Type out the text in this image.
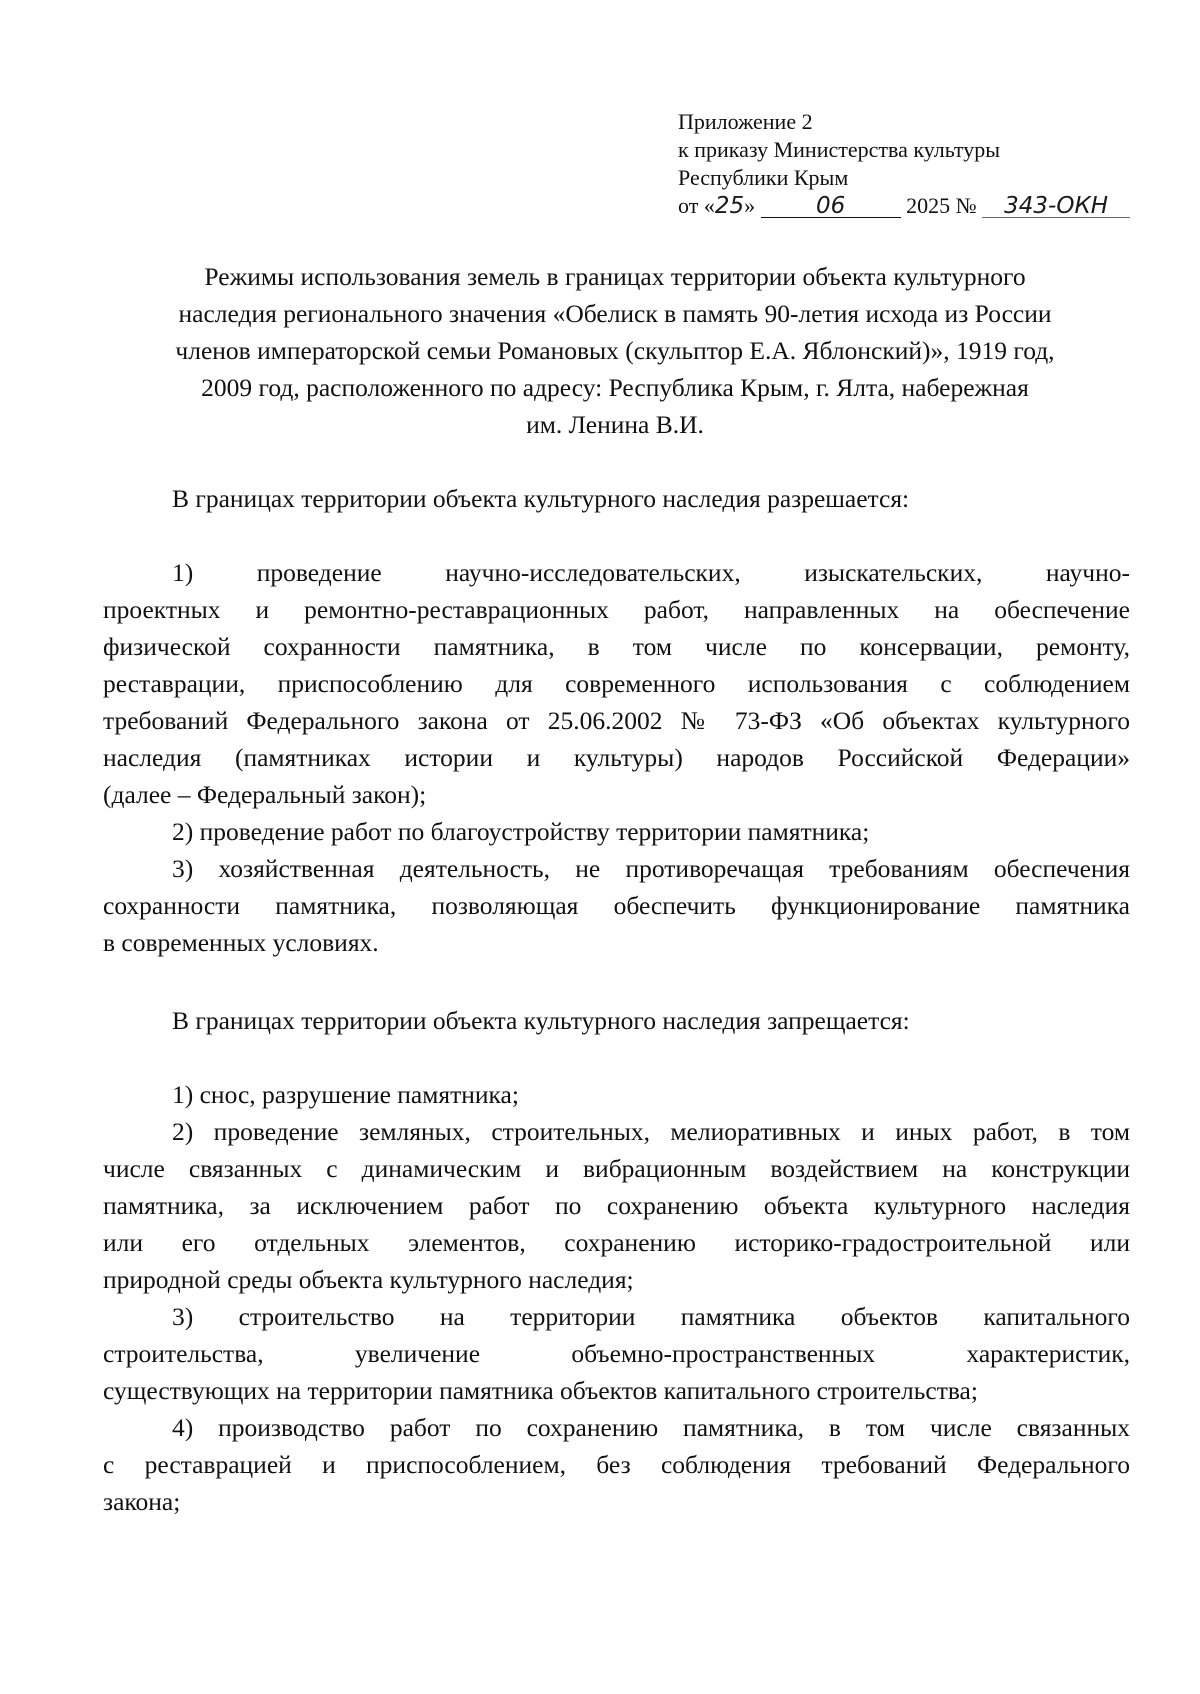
Приложение 2
к приказу Министерства культуры
Республики Крым
от «25»	06	2025 № 343-ОКН
Режимы использования земель в границах территории объекта культурного
наследия регионального значения «Обелиск в память 90-летия исхода из России
членов императорской семьи Романовых (скульптор Е.А. Яблонский)», 1919 год,
2009 год, расположенного по адресу: Республика Крым, г. Ялта, набережная
им. Ленина В.И.
В границах территории объекта культурного наследия разрешается:
1) проведение научно-исследовательских, изыскательских, научно-
проектных и ремонтно-реставрационных работ, направленных на обеспечение
физической сохранности памятника, в том числе по консервации, ремонту,
реставрации, приспособлению для современного использования с соблюдением
требований Федерального закона от 25.06.2002 № 73-ФЗ «Об объектах культурного
наследия (памятниках истории и культуры) народов Российской Федерации»
(далее – Федеральный закон);
2) проведение работ по благоустройству территории памятника;
3) хозяйственная деятельность, не противоречащая требованиям обеспечения
сохранности памятника, позволяющая обеспечить функционирование памятника
в современных условиях.
В границах территории объекта культурного наследия запрещается:
1) снос, разрушение памятника;
2) проведение земляных, строительных, мелиоративных и иных работ, в том
числе связанных с динамическим и вибрационным воздействием на конструкции
памятника, за исключением работ по сохранению объекта культурного наследия
или его отдельных элементов, сохранению историко-градостроительной или
природной среды объекта культурного наследия;
3) строительство на территории памятника объектов капитального
строительства, увеличение объемно-пространственных характеристик,
существующих на территории памятника объектов капитального строительства;
4) производство работ по сохранению памятника, в том числе связанных
с реставрацией и приспособлением, без соблюдения требований Федерального
закона;
